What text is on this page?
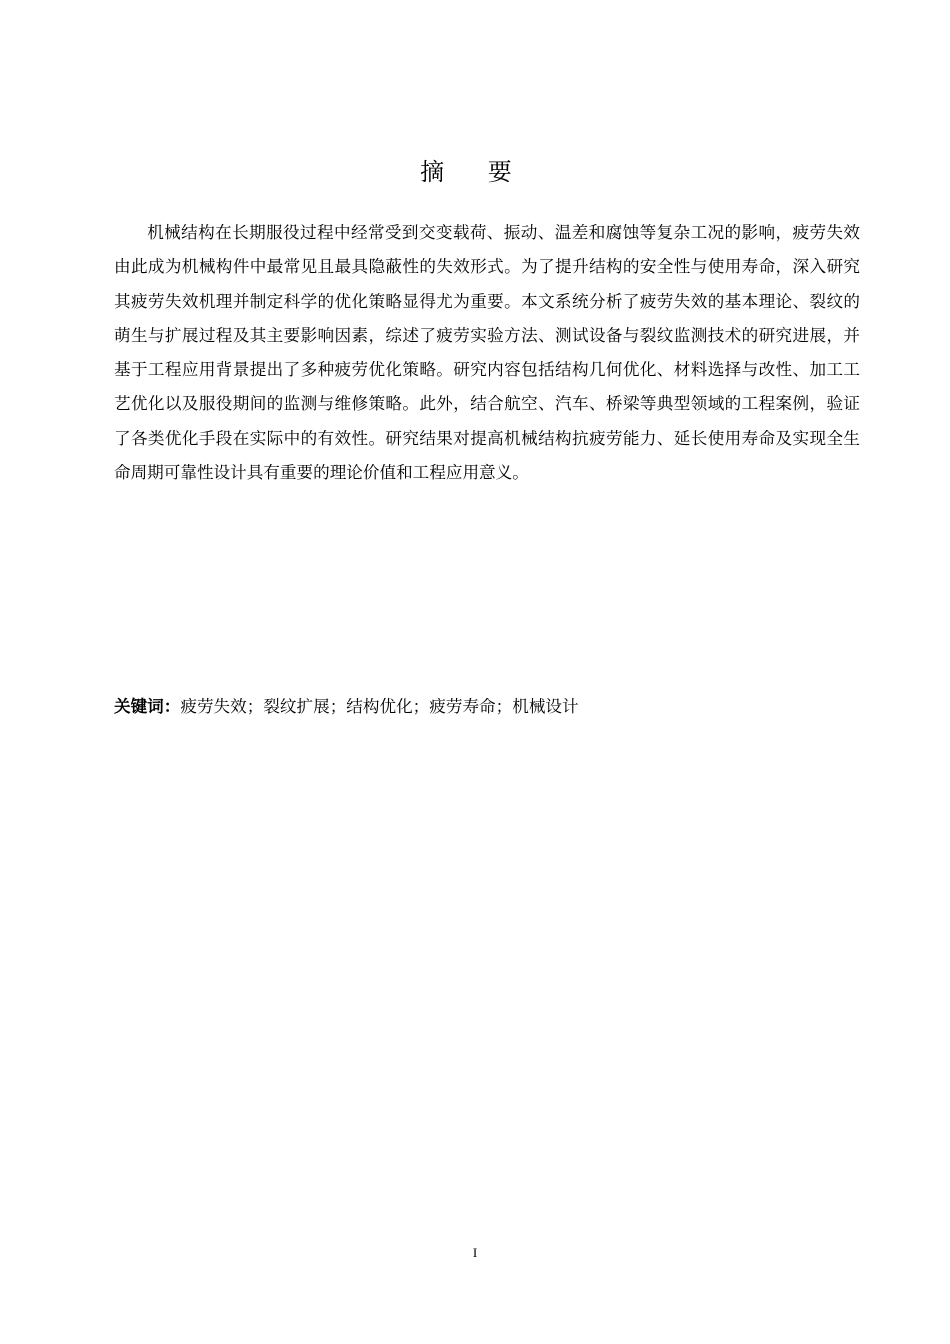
摘 要

机械结构在长期服役过程中经常受到交变载荷、振动、温差和腐蚀等复杂工况的影响，疲劳失效由此成为机械构件中最常见且最具隐蔽性的失效形式。为了提升结构的安全性与使用寿命，深入研究其疲劳失效机理并制定科学的优化策略显得尤为重要。本文系统分析了疲劳失效的基本理论、裂纹的萌生与扩展过程及其主要影响因素，综述了疲劳实验方法、测试设备与裂纹监测技术的研究进展，并基于工程应用背景提出了多种疲劳优化策略。研究内容包括结构几何优化、材料选择与改性、加工工艺优化以及服役期间的监测与维修策略。此外，结合航空、汽车、桥梁等典型领域的工程案例，验证了各类优化手段在实际中的有效性。研究结果对提高机械结构抗疲劳能力、延长使用寿命及实现全生命周期可靠性设计具有重要的理论价值和工程应用意义。

关键词：疲劳失效；裂纹扩展；结构优化；疲劳寿命；机械设计
I
